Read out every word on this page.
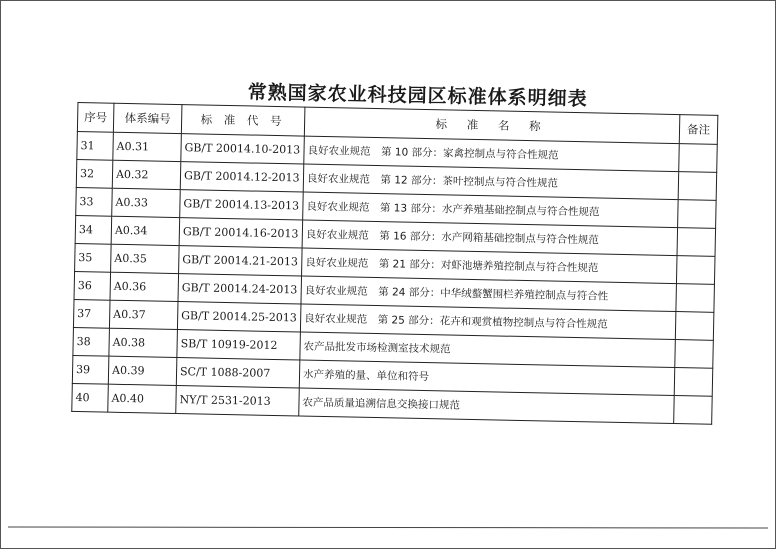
常熟国家农业科技园区标准体系明细表
序号	体系编号	标 准 代 号	标 准 名 称	备注
31	A0.31	GB/T 20014.10-2013	良好农业规范　第 10 部分：家禽控制点与符合性规范	
32	A0.32	GB/T 20014.12-2013	良好农业规范　第 12 部分：茶叶控制点与符合性规范	
33	A0.33	GB/T 20014.13-2013	良好农业规范　第 13 部分：水产养殖基础控制点与符合性规范	
34	A0.34	GB/T 20014.16-2013	良好农业规范　第 16 部分：水产网箱基础控制点与符合性规范	
35	A0.35	GB/T 20014.21-2013	良好农业规范　第 21 部分：对虾池塘养殖控制点与符合性规范	
36	A0.36	GB/T 20014.24-2013	良好农业规范　第 24 部分：中华绒螯蟹围栏养殖控制点与符合性	
37	A0.37	GB/T 20014.25-2013	良好农业规范　第 25 部分：花卉和观赏植物控制点与符合性规范	
38	A0.38	SB/T 10919-2012	农产品批发市场检测室技术规范	
39	A0.39	SC/T 1088-2007	水产养殖的量、单位和符号	
40	A0.40	NY/T 2531-2013	农产品质量追溯信息交换接口规范	
